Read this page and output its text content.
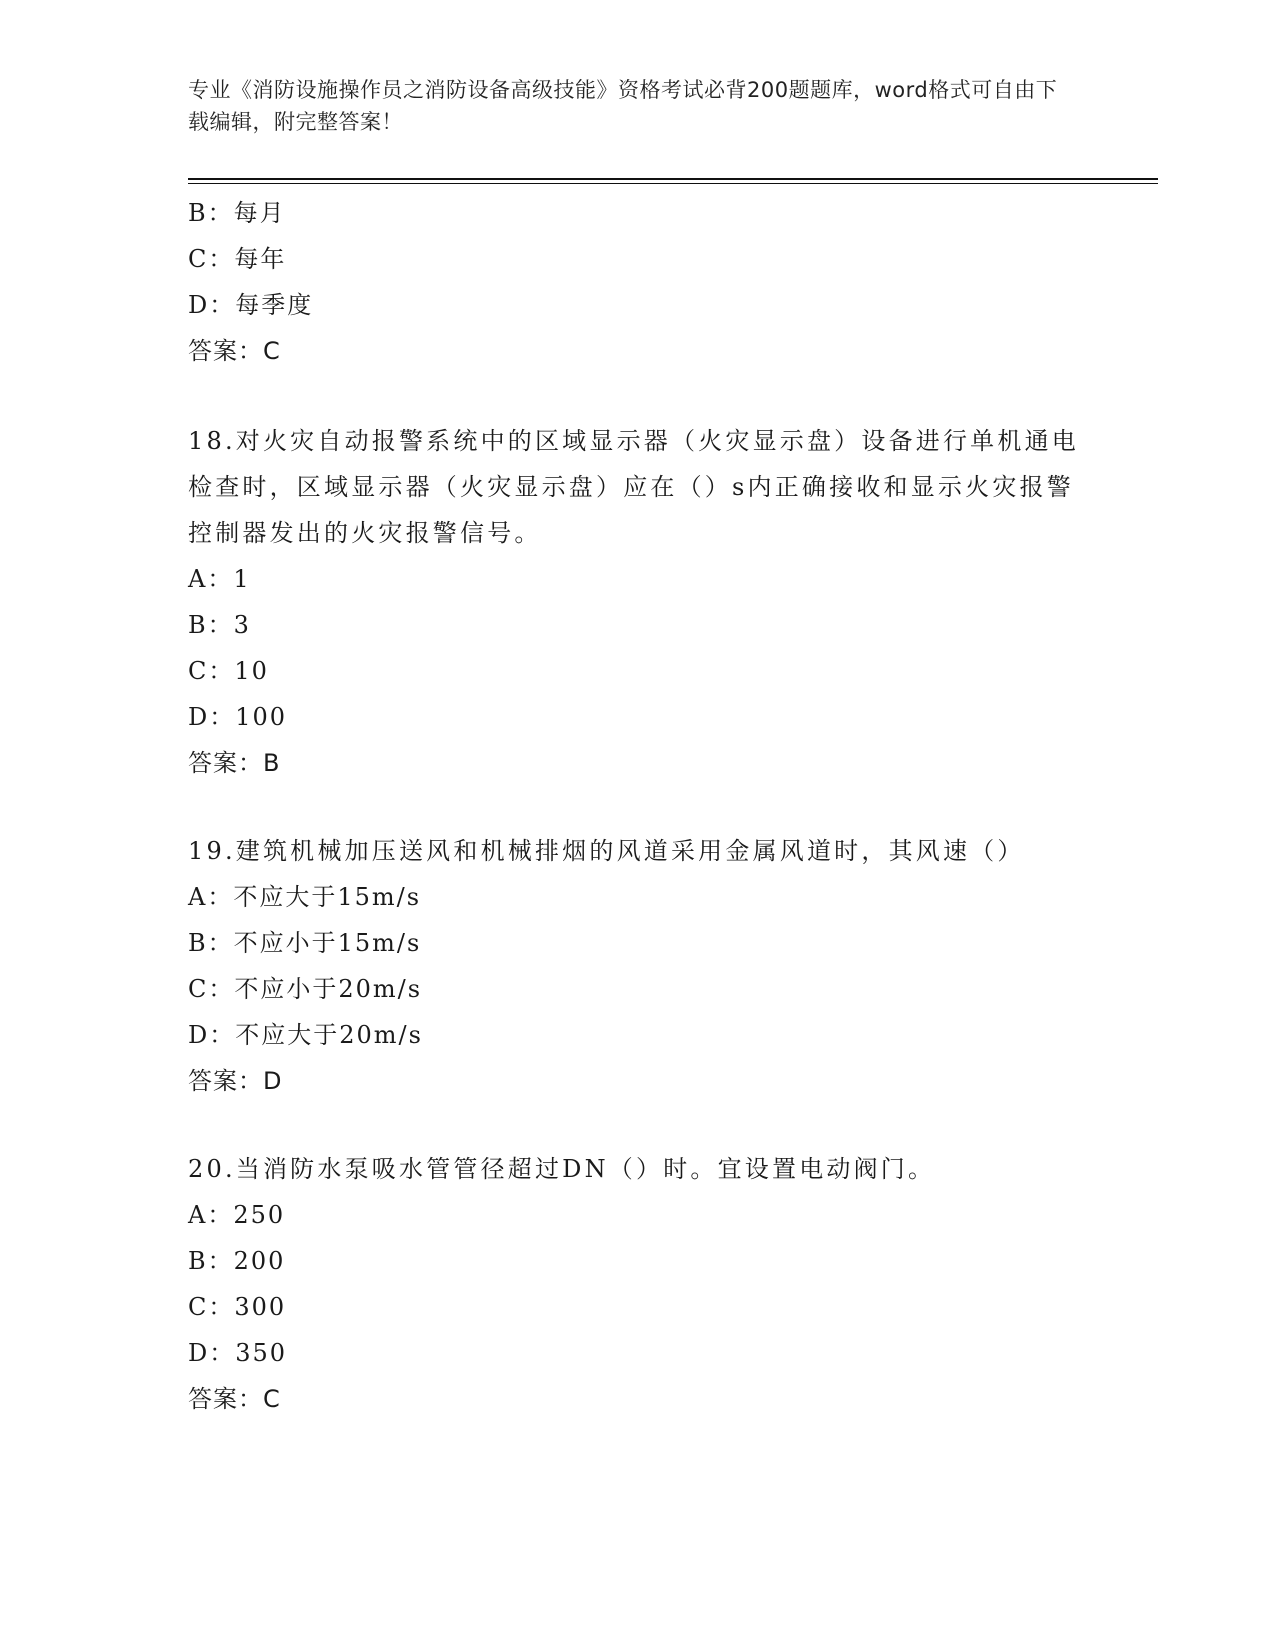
专业《消防设施操作员之消防设备高级技能》资格考试必背200题题库，word格式可自由下载编辑，附完整答案！
B：每月
C：每年
D：每季度
答案：C
18.对火灾自动报警系统中的区域显示器（火灾显示盘）设备进行单机通电检查时，区域显示器（火灾显示盘）应在（）s内正确接收和显示火灾报警控制器发出的火灾报警信号。
A：1
B：3
C：10
D：100
答案：B
19.建筑机械加压送风和机械排烟的风道采用金属风道时，其风速（）
A：不应大于15m/s
B：不应小于15m/s
C：不应小于20m/s
D：不应大于20m/s
答案：D
20.当消防水泵吸水管管径超过DN（）时。宜设置电动阀门。
A：250
B：200
C：300
D：350
答案：C
